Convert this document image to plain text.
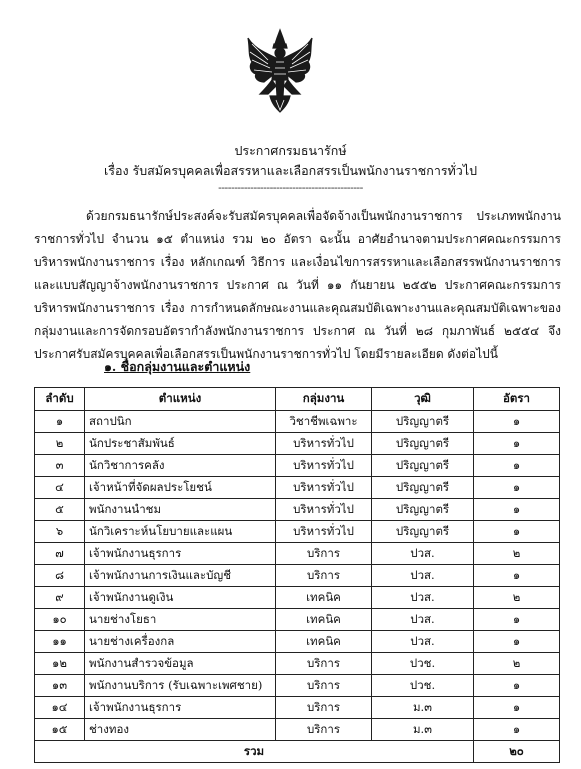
ประกาศกรมธนารักษ์
เรื่อง รับสมัครบุคคลเพื่อสรรหาและเลือกสรรเป็นพนักงานราชการทั่วไป
---------------------------------------------
ด้วยกรมธนารักษ์ประสงค์จะรับสมัครบุคคลเพื่อจัดจ้างเป็นพนักงานราชการ ประเภทพนักงานราชการทั่วไป จำนวน ๑๕ ตำแหน่ง รวม ๒๐ อัตรา ฉะนั้น อาศัยอำนาจตามประกาศคณะกรรมการบริหารพนักงานราชการ เรื่อง หลักเกณฑ์ วิธีการ และเงื่อนไขการสรรหาและเลือกสรรพนักงานราชการและแบบสัญญาจ้างพนักงานราชการ ประกาศ ณ วันที่ ๑๑ กันยายน ๒๕๕๒ ประกาศคณะกรรมการบริหารพนักงานราชการ เรื่อง การกำหนดลักษณะงานและคุณสมบัติเฉพาะงานและคุณสมบัติเฉพาะของกลุ่มงานและการจัดกรอบอัตรากำลังพนักงานราชการ ประกาศ ณ วันที่ ๒๘ กุมภาพันธ์ ๒๕๕๔ จึงประกาศรับสมัครบุคคลเพื่อเลือกสรรเป็นพนักงานราชการทั่วไป โดยมีรายละเอียด ดังต่อไปนี้
๑. ชื่อกลุ่มงานและตำแหน่ง
ลำดับ	ตำแหน่ง	กลุ่มงาน	วุฒิ	อัตรา
๑	สถาปนิก	วิชาชีพเฉพาะ	ปริญญาตรี	๑
๒	นักประชาสัมพันธ์	บริหารทั่วไป	ปริญญาตรี	๑
๓	นักวิชาการคลัง	บริหารทั่วไป	ปริญญาตรี	๑
๔	เจ้าหน้าที่จัดผลประโยชน์	บริหารทั่วไป	ปริญญาตรี	๑
๕	พนักงานนำชม	บริหารทั่วไป	ปริญญาตรี	๑
๖	นักวิเคราะห์นโยบายและแผน	บริหารทั่วไป	ปริญญาตรี	๑
๗	เจ้าพนักงานธุรการ	บริการ	ปวส.	๒
๘	เจ้าพนักงานการเงินและบัญชี	บริการ	ปวส.	๑
๙	เจ้าพนักงานดูเงิน	เทคนิค	ปวส.	๒
๑๐	นายช่างโยธา	เทคนิค	ปวส.	๑
๑๑	นายช่างเครื่องกล	เทคนิค	ปวส.	๑
๑๒	พนักงานสำรวจข้อมูล	บริการ	ปวช.	๒
๑๓	พนักงานบริการ (รับเฉพาะเพศชาย)	บริการ	ปวช.	๑
๑๔	เจ้าพนักงานธุรการ	บริการ	ม.๓	๑
๑๕	ช่างทอง	บริการ	ม.๓	๑
รวม				๒๐
